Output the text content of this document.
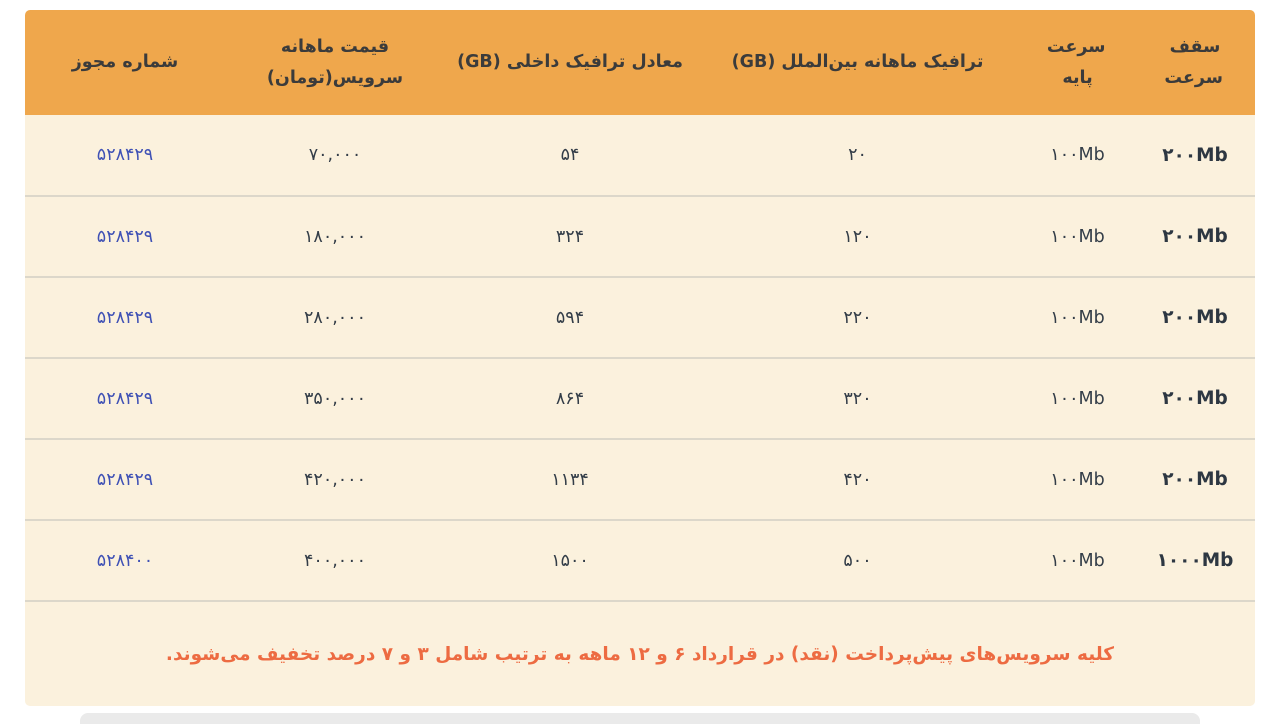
سقف سرعت	سرعت پایه	ترافیک ماهانه بین‌الملل (GB)	معادل ترافیک داخلی (GB)	قیمت ماهانه سرویس(تومان)	شماره مجوز
۲۰۰Mb	۱۰۰Mb	۲۰	۵۴	۷۰,۰۰۰	۵۲۸۴۲۹
۲۰۰Mb	۱۰۰Mb	۱۲۰	۳۲۴	۱۸۰,۰۰۰	۵۲۸۴۲۹
۲۰۰Mb	۱۰۰Mb	۲۲۰	۵۹۴	۲۸۰,۰۰۰	۵۲۸۴۲۹
۲۰۰Mb	۱۰۰Mb	۳۲۰	۸۶۴	۳۵۰,۰۰۰	۵۲۸۴۲۹
۲۰۰Mb	۱۰۰Mb	۴۲۰	۱۱۳۴	۴۲۰,۰۰۰	۵۲۸۴۲۹
۱۰۰۰Mb	۱۰۰Mb	۵۰۰	۱۵۰۰	۴۰۰,۰۰۰	۵۲۸۴۰۰
کلیه سرویس‌های پیش‌پرداخت (نقد) در قرارداد ۶ و ۱۲ ماهه به ترتیب شامل ۳ و ۷ درصد تخفیف می‌شوند.					
